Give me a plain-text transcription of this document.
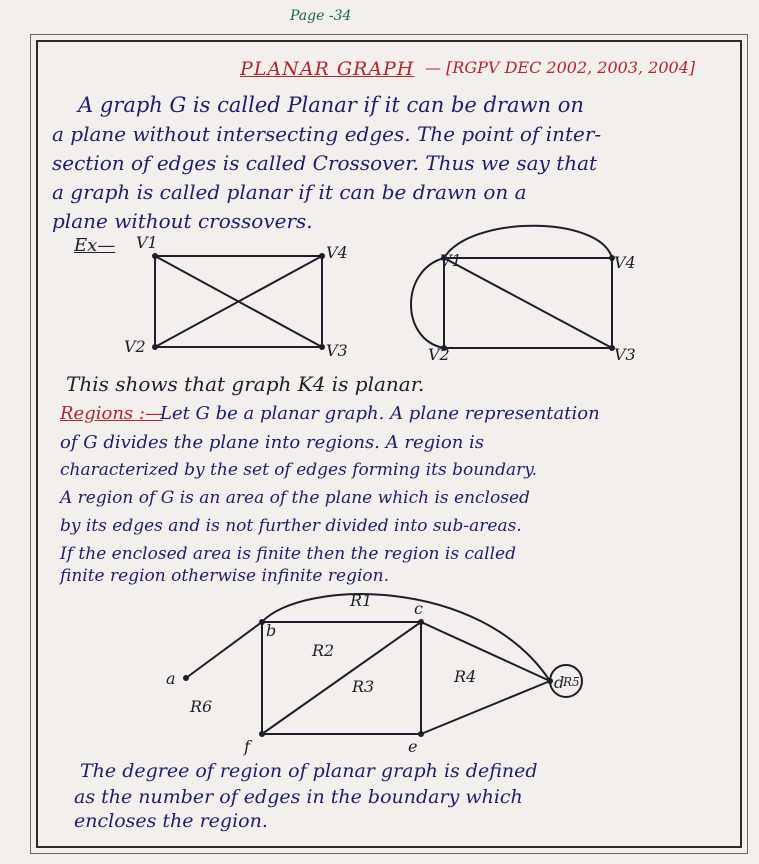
Page -34
PLANAR GRAPH — [RGPV DEC 2002, 2003, 2004]
A graph G is called Planar if it can be drawn on
a plane without intersecting edges. The point of inter-
section of edges is called Crossover. Thus we say that
a graph is called planar if it can be drawn on a
plane without crossovers.
Ex— V1
V4
V2	V3
V1	V4
V2	V3
a
b
c
d
e
f
R1
R2
R3
R4	R5
R6
This shows that graph K4 is planar.
Regions :—
Let G be a planar graph. A plane representation
of G divides the plane into regions. A region is
characterized by the set of edges forming its boundary.
A region of G is an area of the plane which is enclosed
by its edges and is not further divided into sub-areas.
If the enclosed area is finite then the region is called
finite region otherwise infinite region.
The degree of region of planar graph is defined
as the number of edges in the boundary which
encloses the region.
